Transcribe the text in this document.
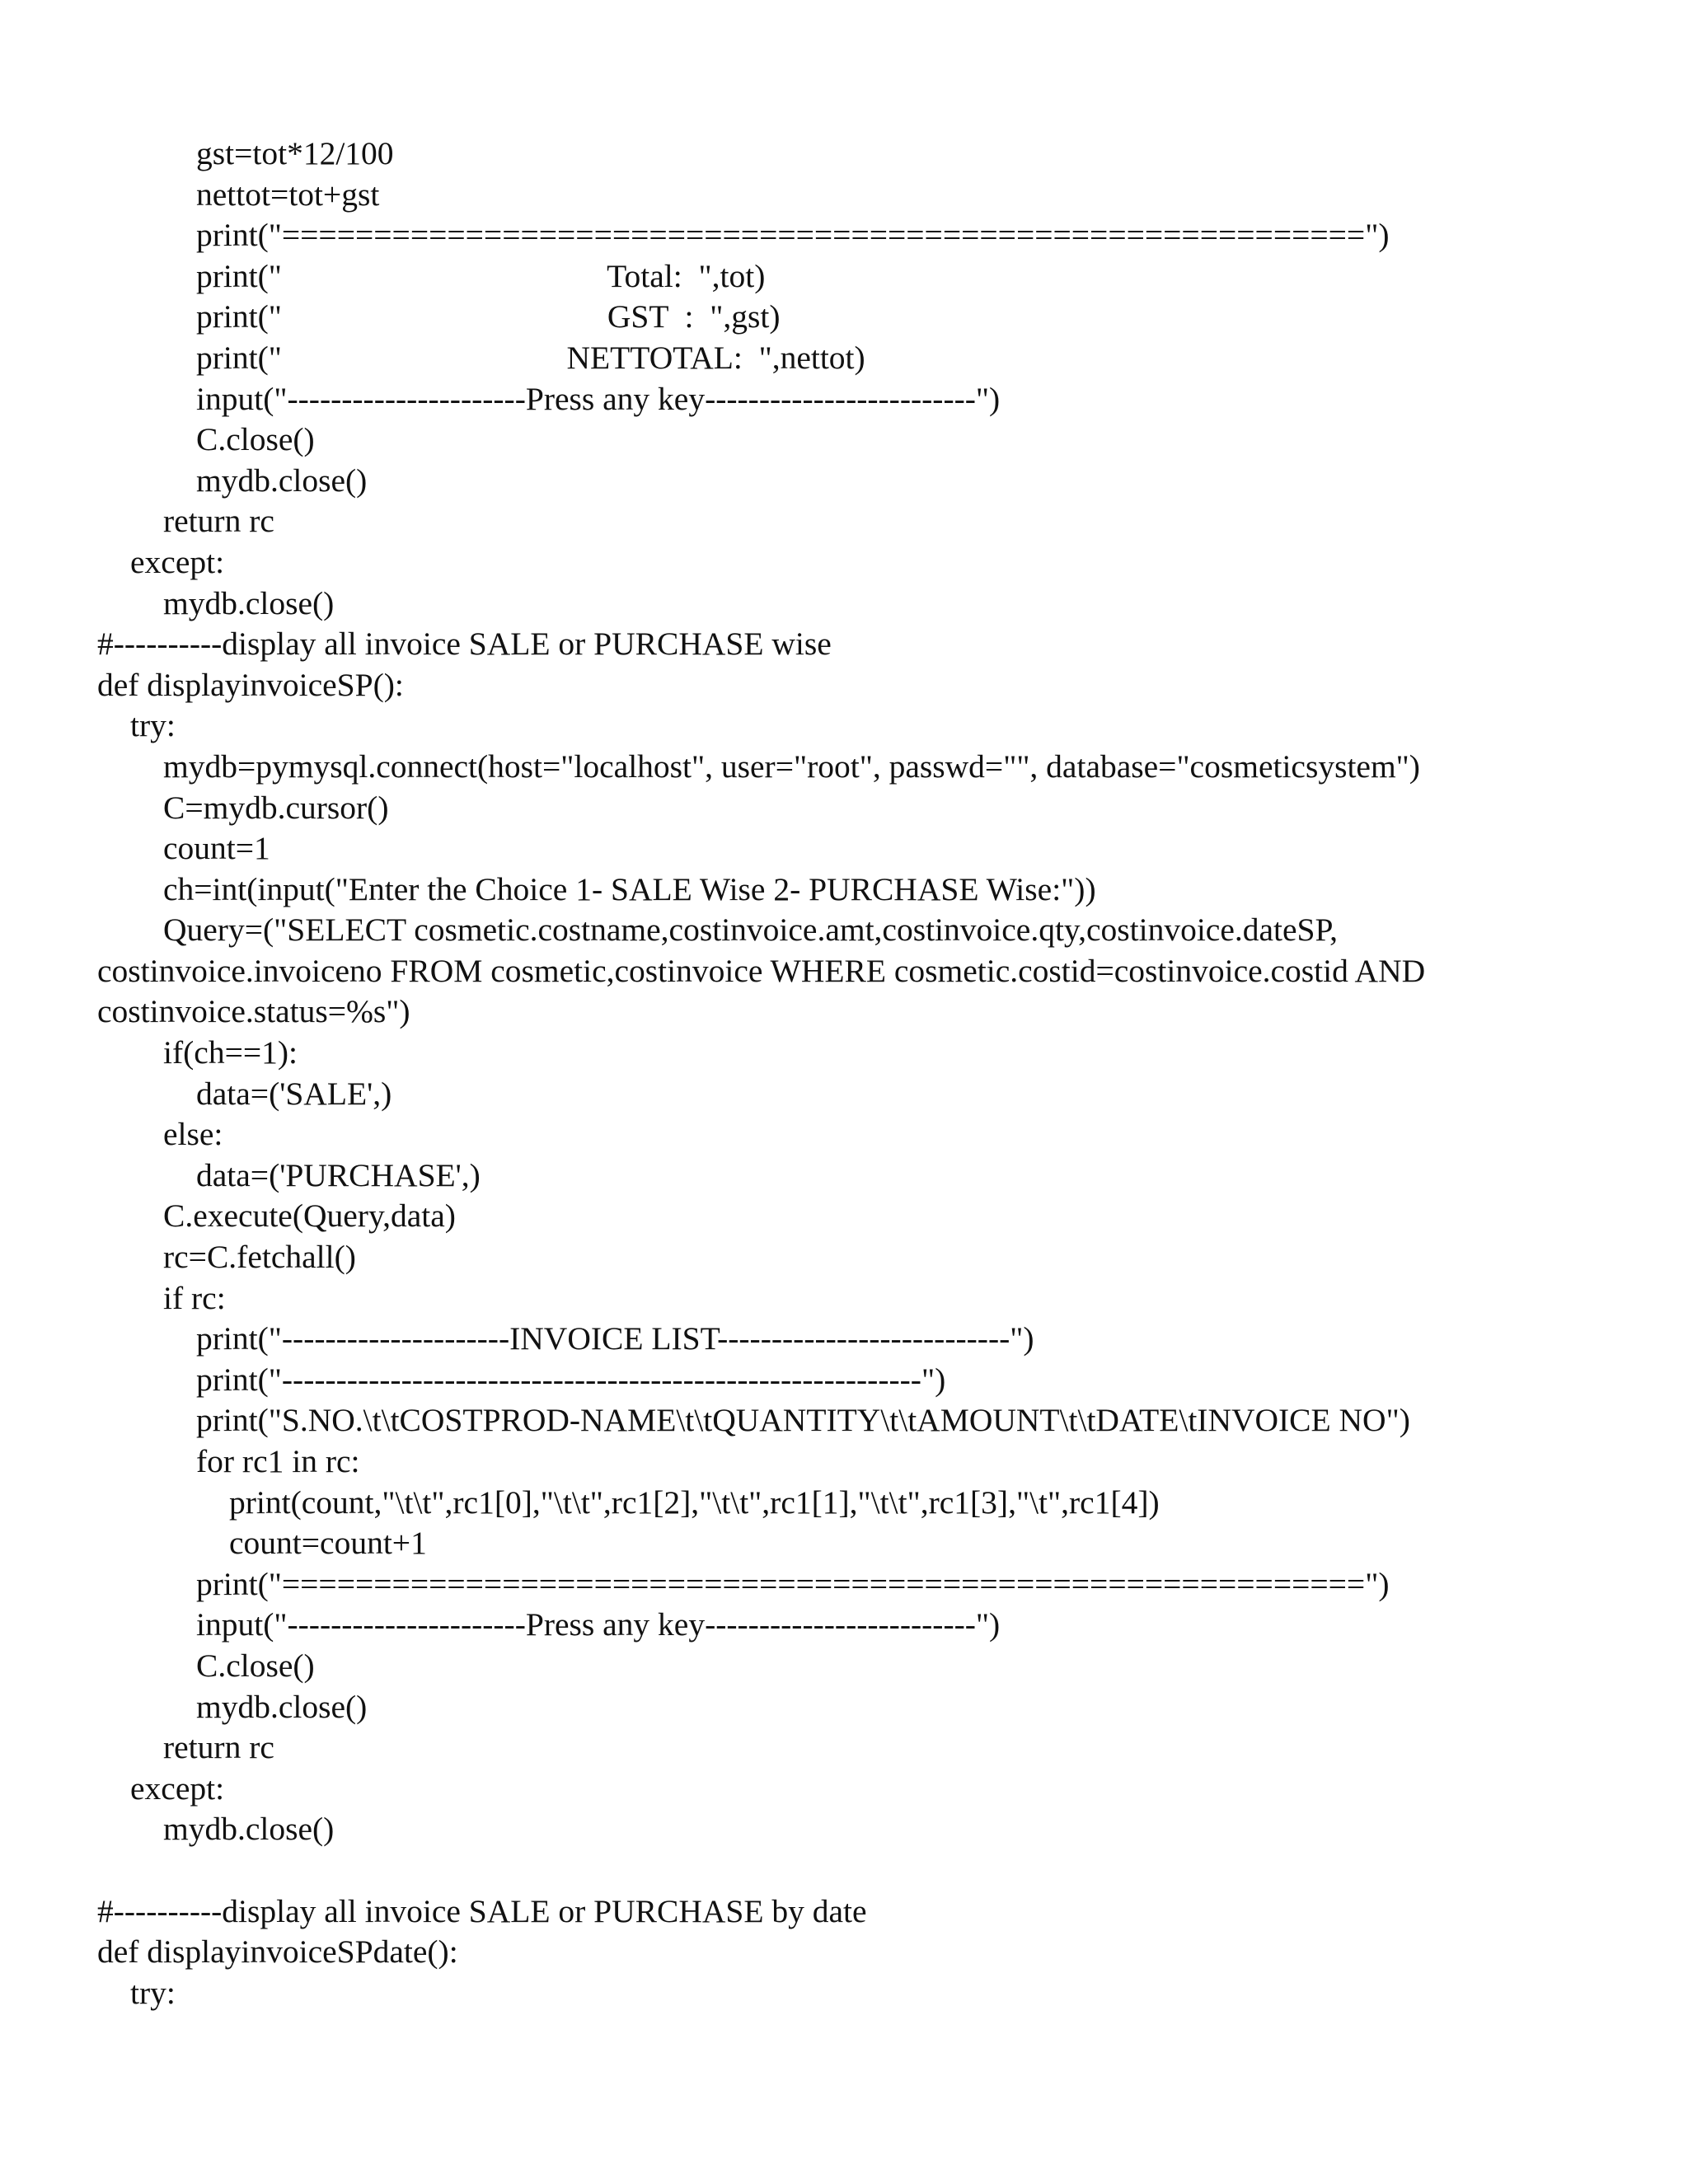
gst=tot*12/100
nettot=tot+gst
print("===========================================================")
print("                                        Total:  ",tot)
print("                                        GST  :  ",gst)
print("                                   NETTOTAL:  ",nettot)
input("----------------------Press any key-------------------------")
C.close()
mydb.close()
return rc
except:
mydb.close()
#----------display all invoice SALE or PURCHASE wise
def displayinvoiceSP():
try:
mydb=pymysql.connect(host="localhost", user="root", passwd="", database="cosmeticsystem")
C=mydb.cursor()
count=1
ch=int(input("Enter the Choice 1- SALE Wise 2- PURCHASE Wise:"))
Query=("SELECT cosmetic.costname,costinvoice.amt,costinvoice.qty,costinvoice.dateSP,
costinvoice.invoiceno FROM cosmetic,costinvoice WHERE cosmetic.costid=costinvoice.costid AND
costinvoice.status=%s")
if(ch==1):
data=('SALE',)
else:
data=('PURCHASE',)
C.execute(Query,data)
rc=C.fetchall()
if rc:
print("---------------------INVOICE LIST---------------------------")
print("-----------------------------------------------------------")
print("S.NO.\t\tCOSTPROD-NAME\t\tQUANTITY\t\tAMOUNT\t\tDATE\tINVOICE NO")
for rc1 in rc:
print(count,"\t\t",rc1[0],"\t\t",rc1[2],"\t\t",rc1[1],"\t\t",rc1[3],"\t",rc1[4])
count=count+1
print("===========================================================")
input("----------------------Press any key-------------------------")
C.close()
mydb.close()
return rc
except:
mydb.close()
#----------display all invoice SALE or PURCHASE by date
def displayinvoiceSPdate():
try:
